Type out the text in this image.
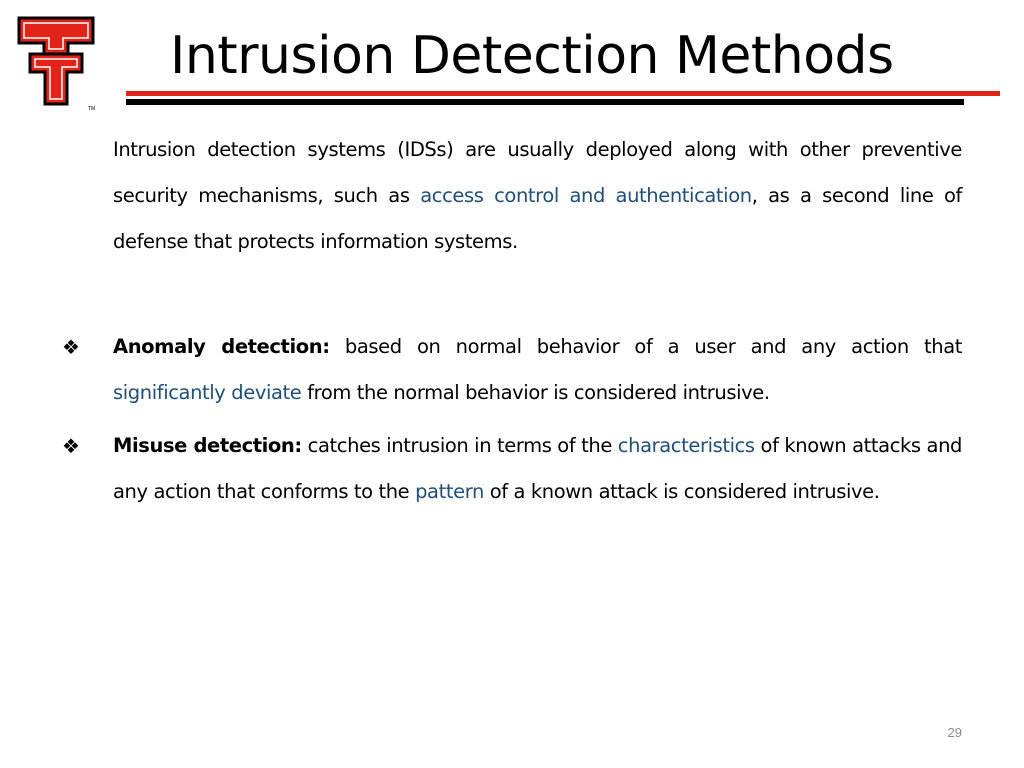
TM
Intrusion Detection Methods

Intrusion detection systems (IDSs) are usually deployed along with other preventive security mechanisms, such as access control and authentication, as a second line of defense that protects information systems.

❖ Anomaly detection: based on normal behavior of a user and any action that significantly deviate from the normal behavior is considered intrusive.

❖ Misuse detection: catches intrusion in terms of the characteristics of known attacks and any action that conforms to the pattern of a known attack is considered intrusive.

29
